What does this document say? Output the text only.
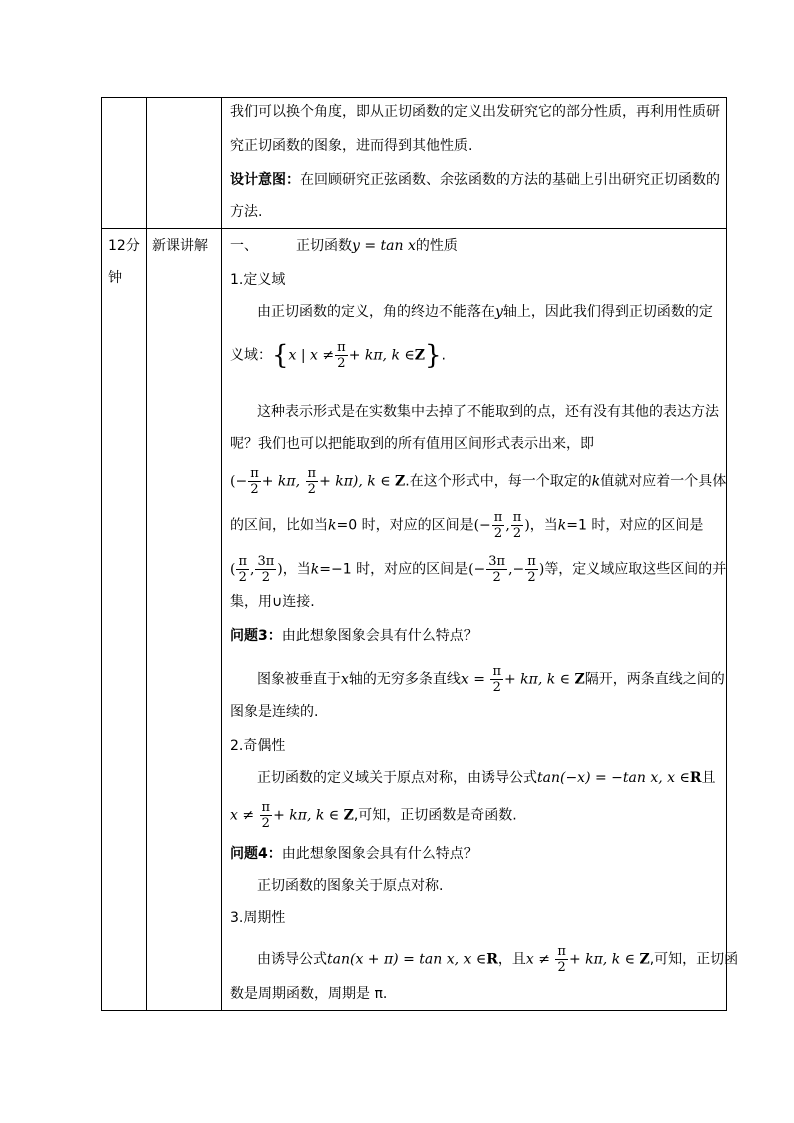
我们可以换个角度，即从正切函数的定义出发研究它的部分性质，再利用性质研
究正切函数的图象，进而得到其他性质.
设计意图：在回顾研究正弦函数、余弦函数的方法的基础上引出研究正切函数的
方法.
12分
钟
新课讲解 一、	正切函数y = tan x的性质
1.定义域
由正切函数的定义，角的终边不能落在y轴上，因此我们得到正切函数的定
义域：{x | $x \ne \frac{\pi}{2} + k\pi$, k ∈Z}.
这种表示形式是在实数集中去掉了不能取到的点，还有没有其他的表达方法
呢？我们也可以把能取到的所有值用区间形式表示出来，即
(− $\frac{\pi}{2} + k\pi$, $\frac{\pi}{2} + k\pi$), k ∈ Z.在这个形式中，每一个取定的k值就对应着一个具体
的区间，比如当k=0 时，对应的区间是(− $\frac{\pi}{2}$ , $\frac{\pi}{2}$ )，当k=1 时，对应的区间是
( $\frac{\pi}{2}$ , $\frac{3\pi}{2}$ )，当k=−1 时，对应的区间是(− $\frac{3\pi}{2}$ ,− $\frac{\pi}{2}$ )等，定义域应取这些区间的并
集，用∪连接.
问题3：由此想象图象会具有什么特点？
图象被垂直于x轴的无穷多条直线$x = \frac{\pi}{2} + k\pi$, k ∈ Z隔开，两条直线之间的
图象是连续的.
2.奇偶性
正切函数的定义域关于原点对称，由诱导公式tan(−x) = −tan x, x ∈R且
$x \ne \frac{\pi}{2} + k\pi$, k ∈ Z,可知，正切函数是奇函数.
问题4：由此想象图象会具有什么特点？
正切函数的图象关于原点对称.
3.周期性
由诱导公式tan(x + π) = tan x, x ∈R，且$x \ne \frac{\pi}{2} + k\pi$, k ∈ Z,可知，正切函
数是周期函数，周期是 π.
